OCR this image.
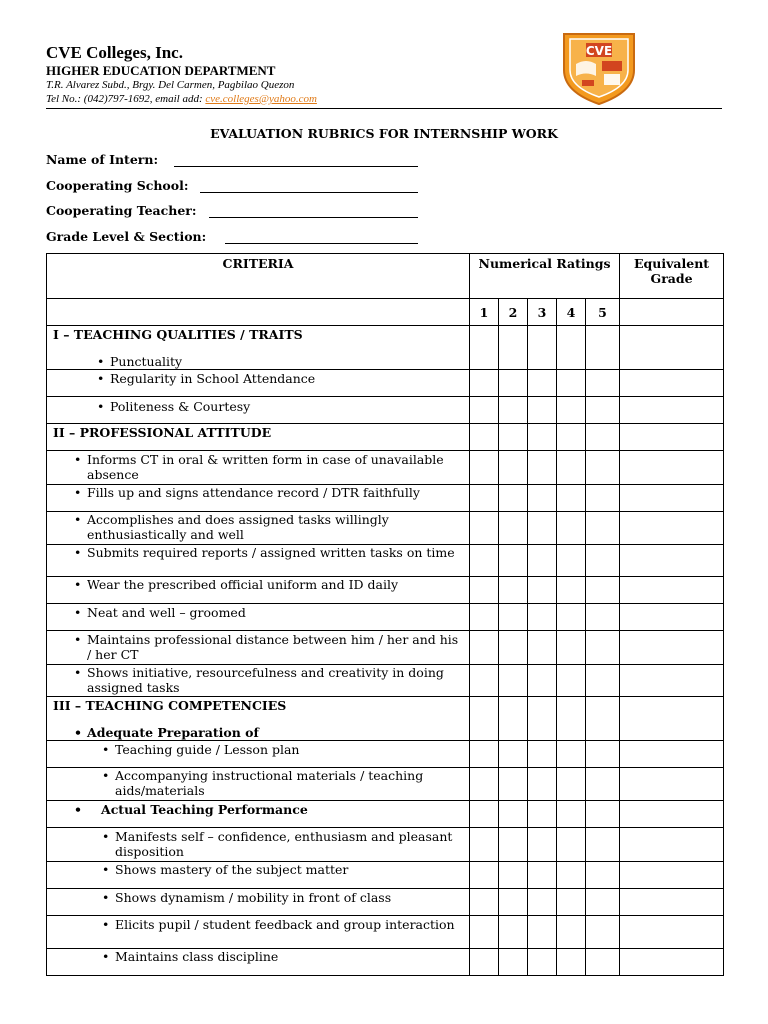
CVE Colleges, Inc.
HIGHER EDUCATION DEPARTMENT
T.R. Alvarez Subd., Brgy. Del Carmen, Pagbilao Quezon
Tel No.: (042)797-1692, email add: cve.colleges@yahoo.com
CVE
EVALUATION RUBRICS FOR INTERNSHIP WORK
Name of Intern:
Cooperating School:
Cooperating Teacher:
Grade Level & Section:
CRITERIA	Numerical Ratings					Equivalent Grade
	1	2	3	4	5	

I – TEACHING QUALITIES / TRAITS
• Punctuality						

• Regularity in School Attendance						

• Politeness & Courtesy						

II – PROFESSIONAL ATTITUDE						

• Informs CT in oral & written form in case of unavailable absence						

• Fills up and signs attendance record / DTR faithfully						

• Accomplishes and does assigned tasks willingly enthusiastically and well						

• Submits required reports / assigned written tasks on time						

• Wear the prescribed official uniform and ID daily						

• Neat and well – groomed						

• Maintains professional distance between him / her and his / her CT						

• Shows initiative, resourcefulness and creativity in doing assigned tasks						

III – TEACHING COMPETENCIES
• Adequate Preparation of						

• Teaching guide / Lesson plan						

• Accompanying instructional materials / teaching aids/materials						

• Actual Teaching Performance						

• Manifests self – confidence, enthusiasm and pleasant disposition						

• Shows mastery of the subject matter						

• Shows dynamism / mobility in front of class						

• Elicits pupil / student feedback and group interaction						

• Maintains class discipline						
